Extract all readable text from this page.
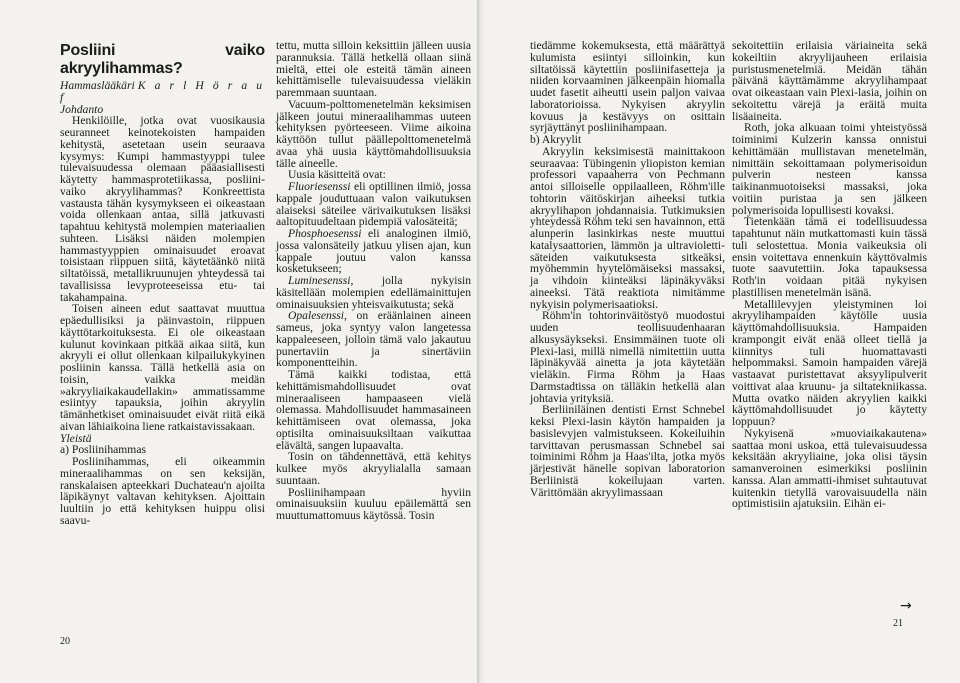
Posliini vaiko akryylihammas?

Hammaslääkäri K a r l H ö r a u f

Johdanto

Henkilöille, jotka ovat vuosikausia seuranneet keinotekoisten hampaiden kehitystä, asetetaan usein seuraava kysymys: Kumpi hammastyyppi tulee tulevaisuudessa olemaan pääasiallisesti käytetty hammasprotetiikassa, posliini- vaiko akryylihammas? Konkreettista vastausta tähän kysymykseen ei oikeastaan voida ollenkaan antaa, sillä jatkuvasti tapahtuu kehitystä molempien materiaalien suhteen. Lisäksi näiden molempien hammastyyppien ominaisuudet eroavat toisistaan riippuen siitä, käytetäänkö niitä siltatöissä, metallikruunujen yhteydessä tai tavallisissa levyproteeseissa etu- tai takahampaina.

Toisen aineen edut saattavat muuttua epäedullisiksi ja päinvastoin, riippuen käyttötarkoituksesta. Ei ole oikeastaan kulunut kovinkaan pitkää aikaa siitä, kun akryyli ei ollut ollenkaan kilpailukykyinen posliinin kanssa. Tällä hetkellä asia on toisin, vaikka meidän »akryyliaikakaudellakin» ammatissamme esiintyy tapauksia, joihin akryylin tämänhetkiset ominaisuudet eivät riitä eikä aivan lähiaikoina liene ratkaistavissakaan.

Yleistä

a) Posliinihammas

Posliinihammas, eli oikeammin mineraalihammas on sen keksijän, ranskalaisen apteekkari Duchateau'n ajoilta läpikäynyt valtavan kehityksen. Ajoittain luultiin jo että kehityksen huippu olisi saavu-

tettu, mutta silloin keksittiin jälleen uusia parannuksia. Tällä hetkellä ollaan siinä mieltä, ettei ole esteitä tämän aineen kehittämiselle tulevaisuudessa vieläkin paremmaan suuntaan.

Vacuum-polttomenetelmän keksimisen jälkeen joutui mineraalihammas uuteen kehityksen pyörteeseen. Viime aikoina käyttöön tullut päällepolttomenetelmä avaa yhä uusia käyttömahdollisuuksia tälle aineelle.

Uusia käsitteitä ovat:

Fluoriesenssi eli optillinen ilmiö, jossa kappale jouduttuaan valon vaikutuksen alaiseksi säteilee värivaikutuksen lisäksi aaltopituudeltaan pidempiä valosäteitä;

Phosphoesenssi eli analoginen ilmiö, jossa valonsäteily jatkuu ylisen ajan, kun kappale joutuu valon kanssa kosketukseen;

Luminesenssi, jolla nykyisin käsitellään molempien edellämainittujen ominaisuuksien yhteisvaikutusta; sekä

Opalesenssi, on eräänlainen aineen sameus, joka syntyy valon langetessa kappaleeseen, jolloin tämä valo jakautuu punertaviin ja sinertäviin komponentteihin.

Tämä kaikki todistaa, että kehittämismahdollisuudet ovat mineraaliseen hampaaseen vielä olemassa. Mahdollisuudet hammasaineen kehittämiseen ovat olemassa, joka optisilta ominaisuuksiltaan vaikuttaa elävältä, sangen lupaavalta.

Tosin on tähdennettävä, että kehitys kulkee myös akryylialalla samaan suuntaan.

Posliinihampaan hyviin ominaisuuksiin kuuluu epäilemättä sen muuttumattomuus käytössä. Tosin

tiedämme kokemuksesta, että määrättyä kulumista esiintyi silloinkin, kun siltatöissä käytettiin posliinifasetteja ja niiden korvaaminen jälkeenpäin hiomalla uudet fasetit aiheutti usein paljon vaivaa laboratorioissa. Nykyisen akryylin kovuus ja kestävyys on osittain syrjäyttänyt posliinihampaan.

b) Akryylit

Akryylin keksimisestä mainittakoon seuraavaa: Tübingenin yliopiston kemian professori vapaaherra von Pechmann antoi silloiselle oppilaalleen, Röhm'ille tohtorin väitöskirjan aiheeksi tutkia akryylihapon johdannaisia. Tutkimuksien yhteydessä Röhm teki sen havainnon, että alunperin lasinkirkas neste muuttui katalysaattorien, lämmön ja ultraviolettisäteiden vaikutuksesta sitkeäksi, myöhemmin hyytelömäiseksi massaksi, ja vihdoin kiinteäksi läpinäkyväksi aineeksi. Tätä reaktiota nimitämme nykyisin polymerisaatioksi.

Röhm'in tohtorinväitöstyö muodostui uuden teollisuudenhaaran alkusysäykseksi. Ensimmäinen tuote oli Plexi-lasi, millä nimellä nimitettiin uutta läpinäkyvää ainetta ja jota käytetään vieläkin. Firma Röhm ja Haas Darmstadtissa on tälläkin hetkellä alan johtavia yrityksiä.

Berliiniläinen dentisti Ernst Schnebel keksi Plexi-lasin käytön hampaiden ja basislevyjen valmistukseen. Kokeiluihin tarvittavan perusmassan Schnebel sai toiminimi Röhm ja Haas'ilta, jotka myös järjestivät hänelle sopivan laboratorion Berliinistä kokeilujaan varten. Värittömään akryylimassaan

sekoitettiin erilaisia väriaineita sekä kokeiltiin akryylijauheen erilaisia puristusmenetelmiä. Meidän tähän päivänä käyttämämme akryylihampaat ovat oikeastaan vain Plexi-lasia, joihin on sekoitettu värejä ja eräitä muita lisäaineita.

Roth, joka alkuaan toimi yhteistyössä toiminimi Kulzerin kanssa onnistui kehittämään mullistavan menetelmän, nimittäin sekoittamaan polymerisoidun pulverin nesteen kanssa taikinanmuotoiseksi massaksi, joka voitiin puristaa ja sen jälkeen polymerisoida lopullisesti kovaksi.

Tietenkään tämä ei todellisuudessa tapahtunut näin mutkattomasti kuin tässä tuli selostettua. Monia vaikeuksia oli ensin voitettava ennenkuin käyttövalmis tuote saavutettiin. Joka tapauksessa Roth'in voidaan pitää nykyisen plastillisen menetelmän isänä.

Metallilevyjen yleistyminen loi akryylihampaiden käytölle uusia käyttömahdollisuuksia. Hampaiden krampongit eivät enää olleet tiellä ja kiinnitys tuli huomattavasti helpommaksi. Samoin hampaiden värejä vastaavat puristettavat aksyylipulverit voittivat alaa kruunu- ja siltatekniikassa. Mutta ovatko näiden akryylien kaikki käyttömahdollisuudet jo käytetty loppuun?

Nykyisenä »muoviaikakautena» saattaa moni uskoa, että tulevaisuudessa keksitään akryyliaine, joka olisi täysin samanveroinen esimerkiksi posliinin kanssa. Alan ammatti-ihmiset suhtautuvat kuitenkin tietyllä varovaisuudella näin optimistisiin ajatuksiin. Eihän ei-

20
→
21
